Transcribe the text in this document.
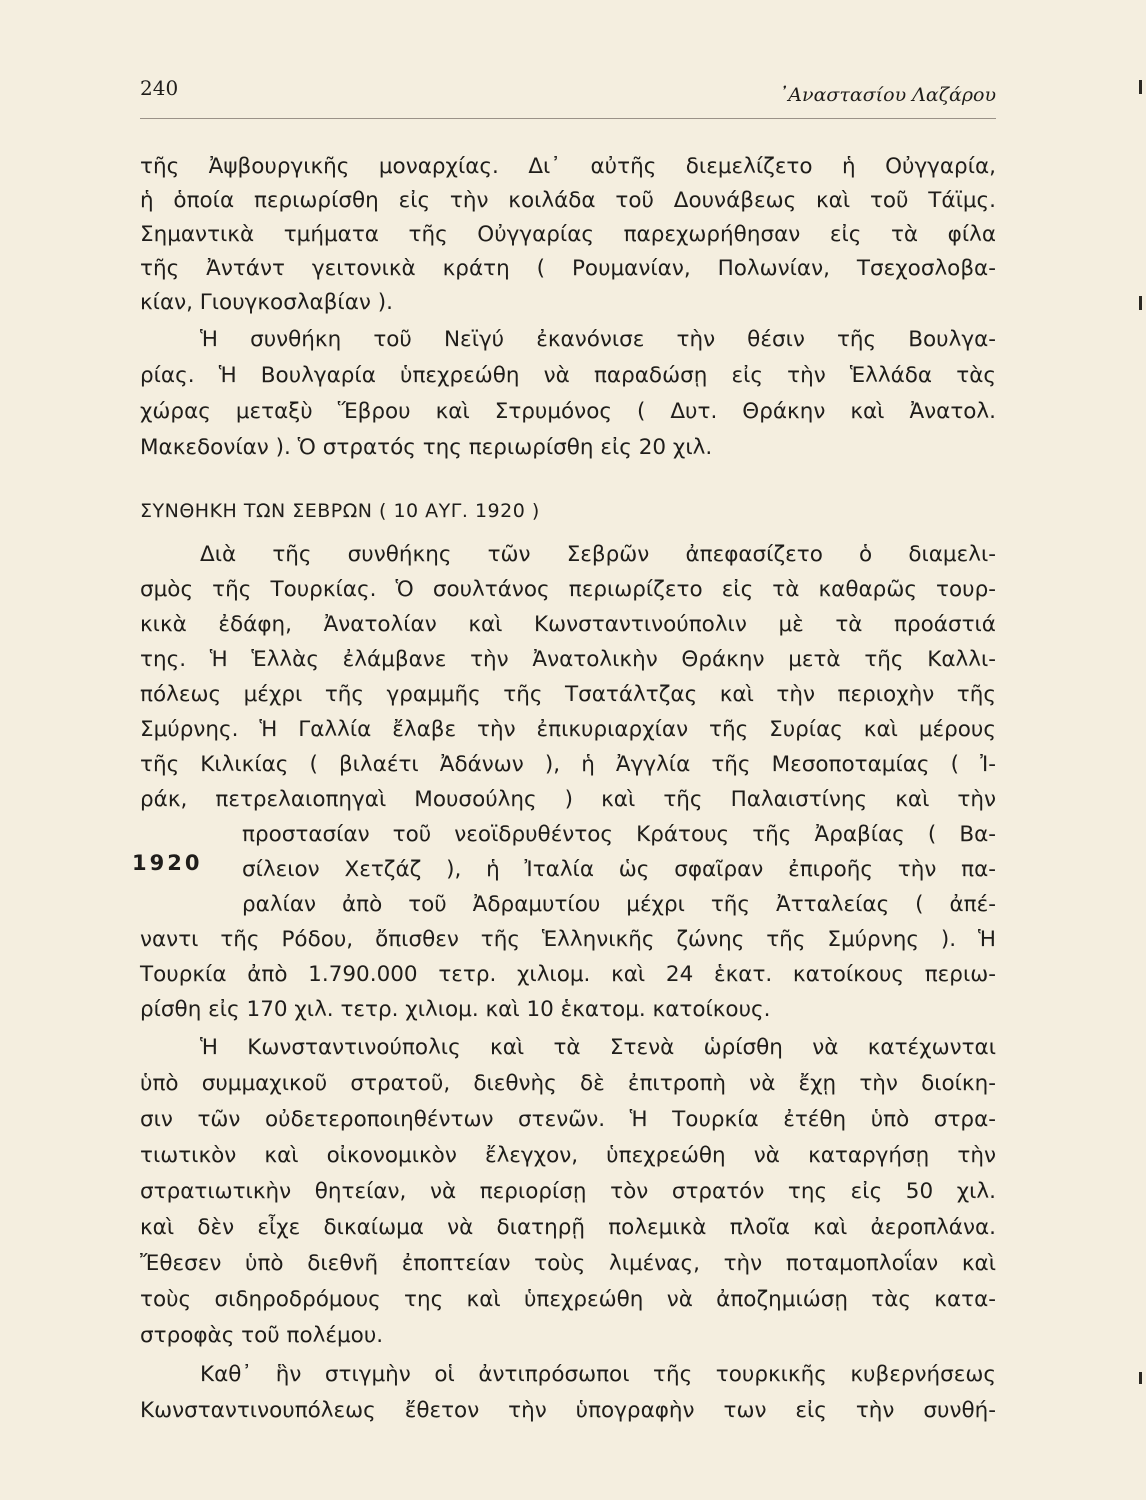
240	᾿Αναστασίου Λαζάρου
τῆς Ἀψβουργικῆς μοναρχίας. Δι᾿ αὐτῆς διεμελίζετο ἡ Οὐγγαρία,
ἡ ὁποία περιωρίσθη εἰς τὴν κοιλάδα τοῦ Δουνάβεως καὶ τοῦ Τάϊμς.
Σημαντικὰ τμήματα τῆς Οὐγγαρίας παρεχωρήθησαν εἰς τὰ φίλα
τῆς Ἀντάντ γειτονικὰ κράτη ( Ρουμανίαν, Πολωνίαν, Τσεχοσλοβα-
κίαν, Γιουγκοσλαβίαν ).
Ἡ συνθήκη τοῦ Νεϊγύ ἐκανόνισε τὴν θέσιν τῆς Βουλγα-
ρίας. Ἡ Βουλγαρία ὑπεχρεώθη νὰ παραδώσῃ εἰς τὴν Ἑλλάδα τὰς
χώρας μεταξὺ Ἕβρου καὶ Στρυμόνος ( Δυτ. Θράκην καὶ Ἀνατολ.
Μακεδονίαν ). Ὁ στρατός της περιωρίσθη εἰς 20 χιλ.
ΣΥΝΘΗΚΗ ΤΩΝ ΣΕΒΡΩΝ ( 10 ΑΥΓ. 1920 )
Διὰ τῆς συνθήκης τῶν Σεβρῶν ἀπεφασίζετο ὁ διαμελι-
σμὸς τῆς Τουρκίας. Ὁ σουλτάνος περιωρίζετο εἰς τὰ καθαρῶς τουρ-
κικὰ ἐδάφη, Ἀνατολίαν καὶ Κωνσταντινούπολιν μὲ τὰ προάστιά
της. Ἡ Ἑλλὰς ἐλάμβανε τὴν Ἀνατολικὴν Θράκην μετὰ τῆς Καλλι-
πόλεως μέχρι τῆς γραμμῆς τῆς Τσατάλτζας καὶ τὴν περιοχὴν τῆς
Σμύρνης. Ἡ Γαλλία ἔλαβε τὴν ἐπικυριαρχίαν τῆς Συρίας καὶ μέρους
τῆς Κιλικίας ( βιλαέτι Ἀδάνων ), ἡ Ἀγγλία τῆς Μεσοποταμίας ( Ἰ-
ράκ, πετρελαιοπηγαὶ Μουσούλης ) καὶ τῆς Παλαιστίνης καὶ τὴν
προστασίαν τοῦ νεοϊδρυθέντος Κράτους τῆς Ἀραβίας ( Βα-
1920 σίλειον Χετζάζ ), ἡ Ἰταλία ὡς σφαῖραν ἐπιροῆς τὴν πα-
ραλίαν ἀπὸ τοῦ Ἀδραμυτίου μέχρι τῆς Ἀτταλείας ( ἀπέ-
ναντι τῆς Ρόδου, ὄπισθεν τῆς Ἑλληνικῆς ζώνης τῆς Σμύρνης ). Ἡ
Τουρκία ἀπὸ 1.790.000 τετρ. χιλιομ. καὶ 24 ἑκατ. κατοίκους περιω-
ρίσθη εἰς 170 χιλ. τετρ. χιλιομ. καὶ 10 ἑκατομ. κατοίκους.
Ἡ Κωνσταντινούπολις καὶ τὰ Στενὰ ὡρίσθη νὰ κατέχωνται
ὑπὸ συμμαχικοῦ στρατοῦ, διεθνὴς δὲ ἐπιτροπὴ νὰ ἔχῃ τὴν διοίκη-
σιν τῶν οὐδετεροποιηθέντων στενῶν. Ἡ Τουρκία ἐτέθη ὑπὸ στρα-
τιωτικὸν καὶ οἰκονομικὸν ἔλεγχον, ὑπεχρεώθη νὰ καταργήσῃ τὴν
στρατιωτικὴν θητείαν, νὰ περιορίσῃ τὸν στρατόν της εἰς 50 χιλ.
καὶ δὲν εἶχε δικαίωμα νὰ διατηρῇ πολεμικὰ πλοῖα καὶ ἀεροπλάνα.
Ἔθεσεν ὑπὸ διεθνῆ ἐποπτείαν τοὺς λιμένας, τὴν ποταμοπλοΐαν καὶ
τοὺς σιδηροδρόμους της καὶ ὑπεχρεώθη νὰ ἀποζημιώσῃ τὰς κατα-
στροφὰς τοῦ πολέμου.
Καθ᾿ ἣν στιγμὴν οἱ ἀντιπρόσωποι τῆς τουρκικῆς κυβερνήσεως
Κωνσταντινουπόλεως ἔθετον τὴν ὑπογραφὴν των εἰς τὴν συνθή-
